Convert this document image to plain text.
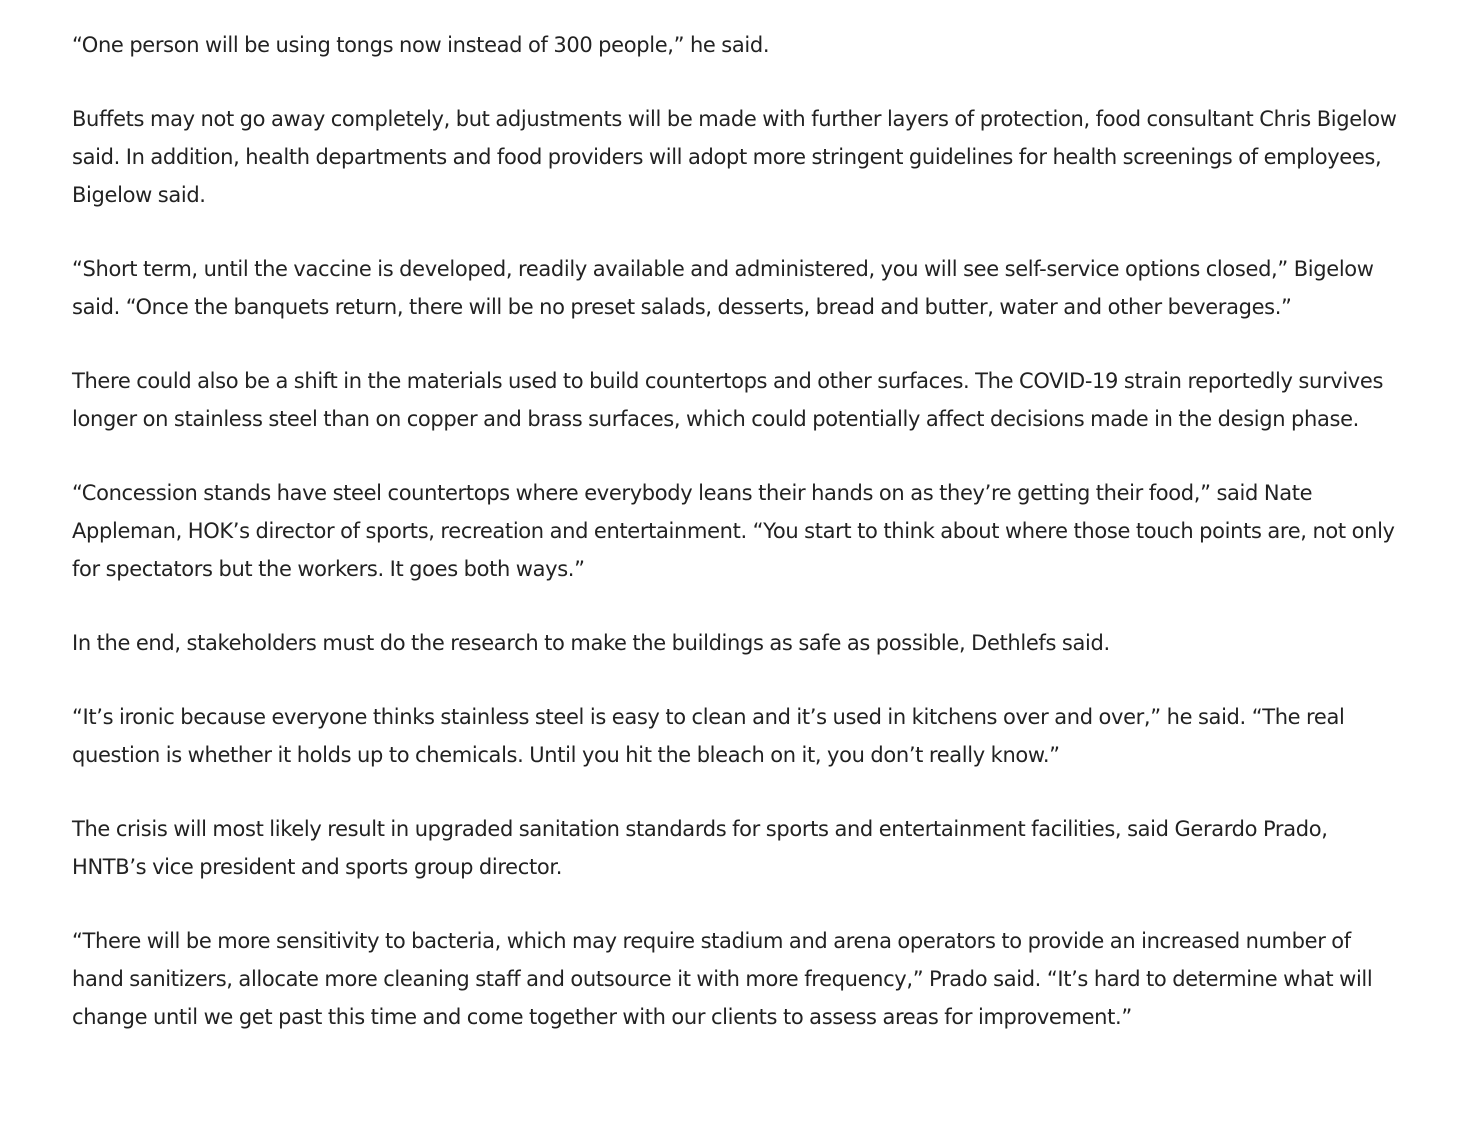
“One person will be using tongs now instead of 300 people,” he said.

Buffets may not go away completely, but adjustments will be made with further layers of protection, food consultant Chris Bigelow said. In addition, health departments and food providers will adopt more stringent guidelines for health screenings of employees, Bigelow said.

“Short term, until the vaccine is developed, readily available and administered, you will see self-service options closed,” Bigelow said. “Once the banquets return, there will be no preset salads, desserts, bread and butter, water and other beverages.”

There could also be a shift in the materials used to build countertops and other surfaces. The COVID-19 strain reportedly survives longer on stainless steel than on copper and brass surfaces, which could potentially affect decisions made in the design phase.

“Concession stands have steel countertops where everybody leans their hands on as they’re getting their food,” said Nate Appleman, HOK’s director of sports, recreation and entertainment. “You start to think about where those touch points are, not only for spectators but the workers. It goes both ways.”

In the end, stakeholders must do the research to make the buildings as safe as possible, Dethlefs said.

“It’s ironic because everyone thinks stainless steel is easy to clean and it’s used in kitchens over and over,” he said. “The real question is whether it holds up to chemicals. Until you hit the bleach on it, you don’t really know.”

The crisis will most likely result in upgraded sanitation standards for sports and entertainment facilities, said Gerardo Prado, HNTB’s vice president and sports group director.

“There will be more sensitivity to bacteria, which may require stadium and arena operators to provide an increased number of hand sanitizers, allocate more cleaning staff and outsource it with more frequency,” Prado said. “It’s hard to determine what will change until we get past this time and come together with our clients to assess areas for improvement.”
